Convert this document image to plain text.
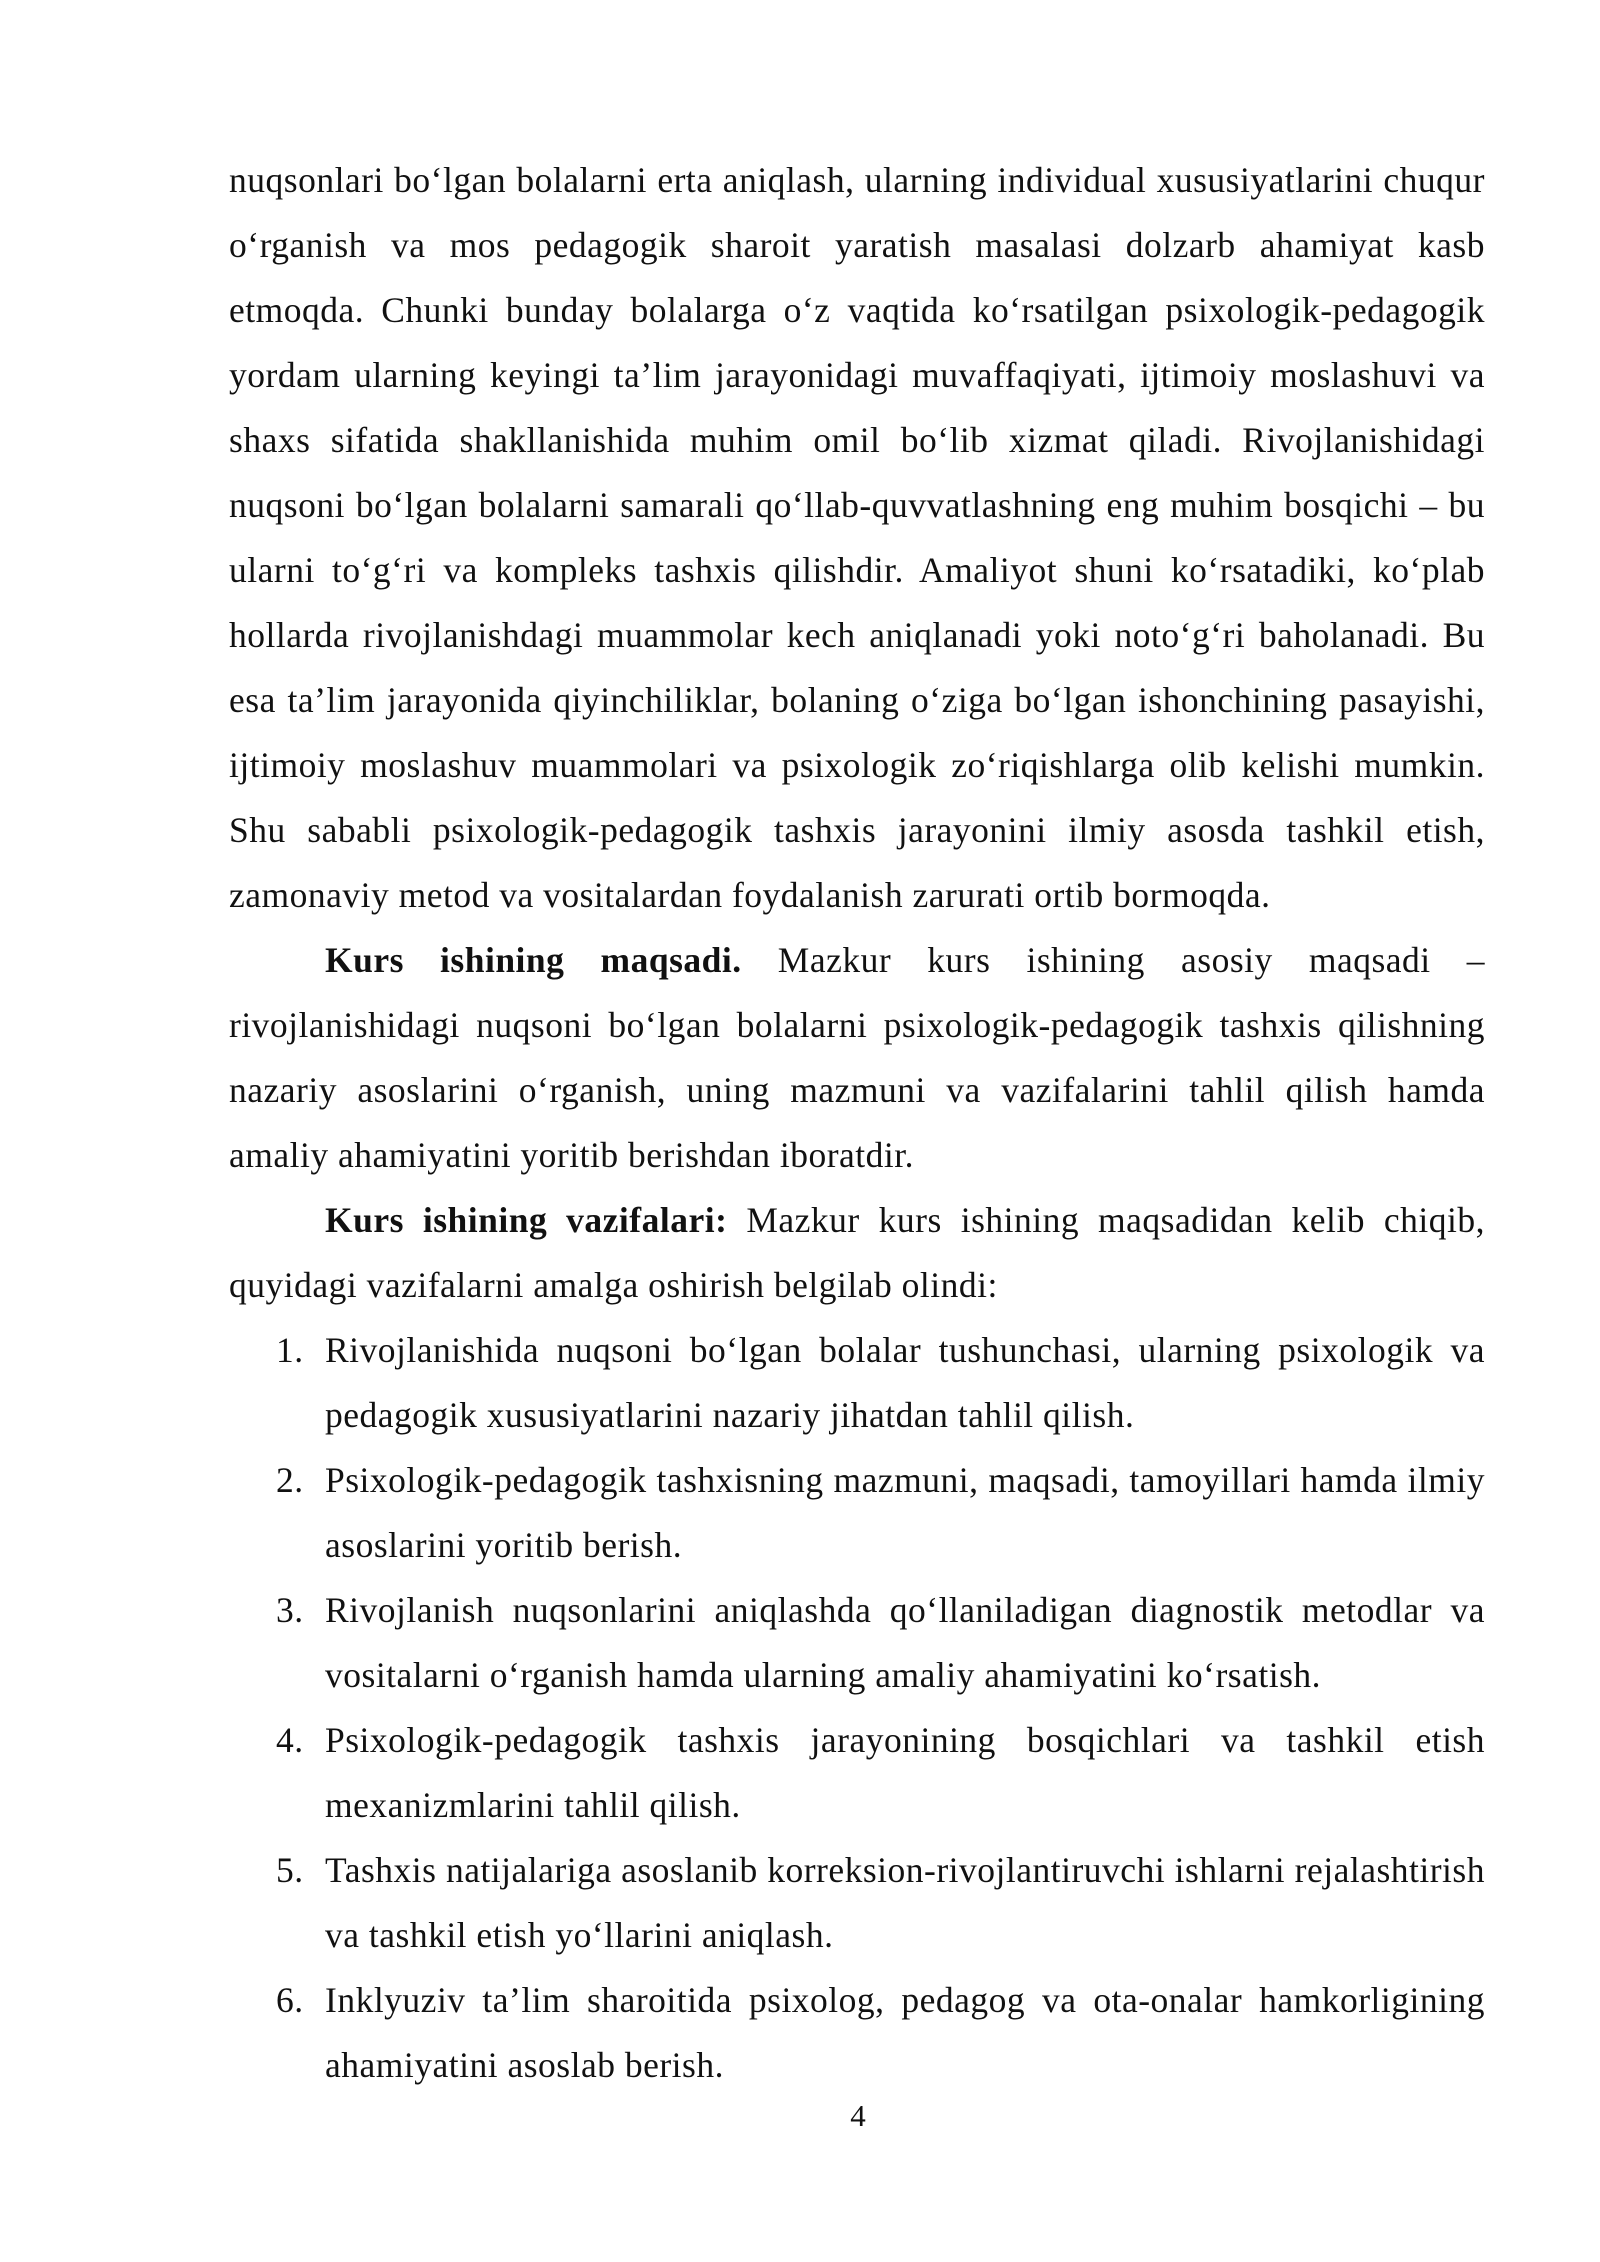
nuqsonlari bo‘lgan bolalarni erta aniqlash, ularning individual xususiyatlarini chuqur o‘rganish va mos pedagogik sharoit yaratish masalasi dolzarb ahamiyat kasb etmoqda. Chunki bunday bolalarga o‘z vaqtida ko‘rsatilgan psixologik-pedagogik yordam ularning keyingi ta’lim jarayonidagi muvaffaqiyati, ijtimoiy moslashuvi va shaxs sifatida shakllanishida muhim omil bo‘lib xizmat qiladi. Rivojlanishidagi nuqsoni bo‘lgan bolalarni samarali qo‘llab-quvvatlashning eng muhim bosqichi – bu ularni to‘g‘ri va kompleks tashxis qilishdir. Amaliyot shuni ko‘rsatadiki, ko‘plab hollarda rivojlanishdagi muammolar kech aniqlanadi yoki noto‘g‘ri baholanadi. Bu esa ta’lim jarayonida qiyinchiliklar, bolaning o‘ziga bo‘lgan ishonchining pasayishi, ijtimoiy moslashuv muammolari va psixologik zo‘riqishlarga olib kelishi mumkin. Shu sababli psixologik-pedagogik tashxis jarayonini ilmiy asosda tashkil etish, zamonaviy metod va vositalardan foydalanish zarurati ortib bormoqda.

Kurs ishining maqsadi. Mazkur kurs ishining asosiy maqsadi – rivojlanishidagi nuqsoni bo‘lgan bolalarni psixologik-pedagogik tashxis qilishning nazariy asoslarini o‘rganish, uning mazmuni va vazifalarini tahlil qilish hamda amaliy ahamiyatini yoritib berishdan iboratdir.

Kurs ishining vazifalari: Mazkur kurs ishining maqsadidan kelib chiqib, quyidagi vazifalarni amalga oshirish belgilab olindi:

1. Rivojlanishida nuqsoni bo‘lgan bolalar tushunchasi, ularning psixologik va pedagogik xususiyatlarini nazariy jihatdan tahlil qilish.
2. Psixologik-pedagogik tashxisning mazmuni, maqsadi, tamoyillari hamda ilmiy asoslarini yoritib berish.
3. Rivojlanish nuqsonlarini aniqlashda qo‘llaniladigan diagnostik metodlar va vositalarni o‘rganish hamda ularning amaliy ahamiyatini ko‘rsatish.
4. Psixologik-pedagogik tashxis jarayonining bosqichlari va tashkil etish mexanizmlarini tahlil qilish.
5. Tashxis natijalariga asoslanib korreksion-rivojlantiruvchi ishlarni rejalashtirish va tashkil etish yo‘llarini aniqlash.
6. Inklyuziv ta’lim sharoitida psixolog, pedagog va ota-onalar hamkorligining ahamiyatini asoslab berish.
4
